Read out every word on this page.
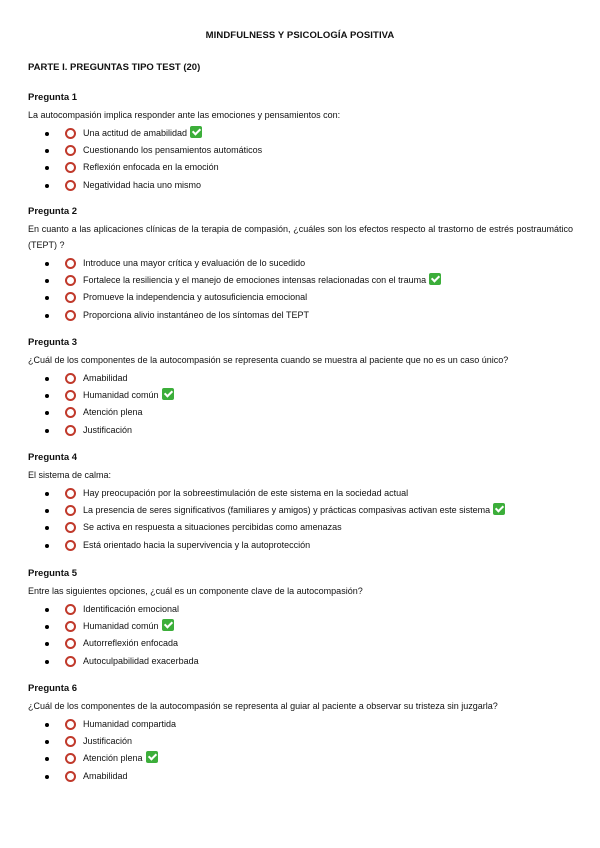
MINDFULNESS Y PSICOLOGÍA POSITIVA
PARTE I. PREGUNTAS TIPO TEST (20)
Pregunta 1
La autocompasión implica responder ante las emociones y pensamientos con:
Una actitud de amabilidad
Cuestionando los pensamientos automáticos
Reflexión enfocada en la emoción
Negatividad hacia uno mismo
Pregunta 2
En cuanto a las aplicaciones clínicas de la terapia de compasión, ¿cuáles son los efectos respecto al trastorno de estrés postraumático (TEPT) ?
Introduce una mayor crítica y evaluación de lo sucedido
Fortalece la resiliencia y el manejo de emociones intensas relacionadas con el trauma
Promueve la independencia y autosuficiencia emocional
Proporciona alivio instantáneo de los síntomas del TEPT
Pregunta 3
¿Cuál de los componentes de la autocompasión se representa cuando se muestra al paciente que no es un caso único?
Amabilidad
Humanidad común
Atención plena
Justificación
Pregunta 4
El sistema de calma:
Hay preocupación por la sobreestimulación de este sistema en la sociedad actual
La presencia de seres significativos (familiares y amigos) y prácticas compasivas activan este sistema
Se activa en respuesta a situaciones percibidas como amenazas
Está orientado hacia la supervivencia y la autoprotección
Pregunta 5
Entre las siguientes opciones, ¿cuál es un componente clave de la autocompasión?
Identificación emocional
Humanidad común
Autorreflexión enfocada
Autoculpabilidad exacerbada
Pregunta 6
¿Cuál de los componentes de la autocompasión se representa al guiar al paciente a observar su tristeza sin juzgarla?
Humanidad compartida
Justificación
Atención plena
Amabilidad
